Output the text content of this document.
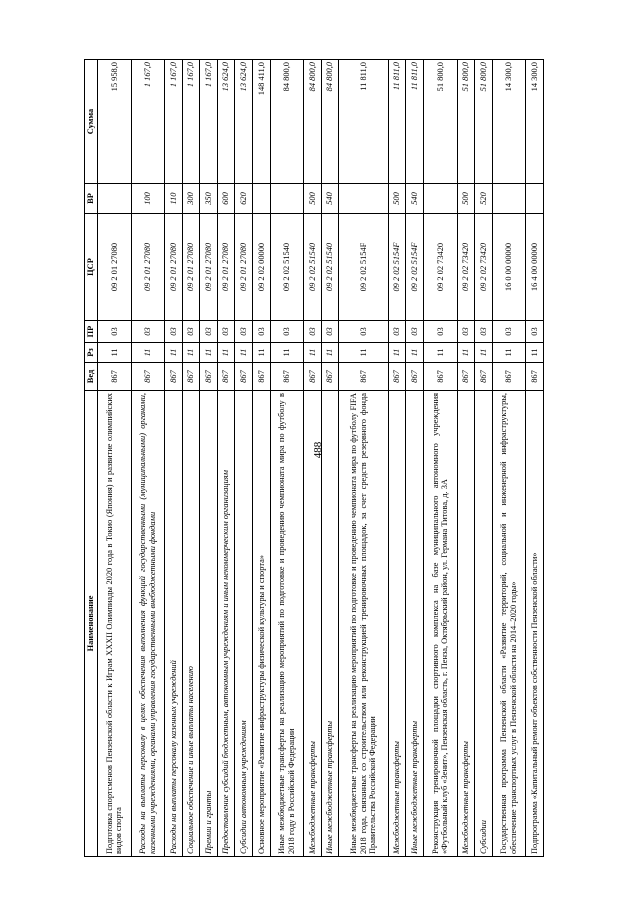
488
Наименование	Вед	Рз	ПР	ЦСР	ВР	Сумма
Подготовка спортсменов Пензенской области к Играм XXXII Олимпиады 2020 года в Токио (Япония) и развитие олимпийских видов спорта	867	11	03	09 2 01 27080		15 958,0
Расходы на выплаты персоналу в целях обеспечения выполнения функций государственными (муниципальными) органами, казенными учреждениями, органами управления государственными внебюджетными фондами	867	11	03	09 2 01 27080	100	1 167,0
Расходы на выплаты персоналу казенных учреждений	867	11	03	09 2 01 27080	110	1 167,0
Социальное обеспечение и иные выплаты населению	867	11	03	09 2 01 27080	300	1 167,0
Премии и гранты	867	11	03	09 2 01 27080	350	1 167,0
Предоставление субсидий бюджетным, автономным учреждениям и иным некоммерческим организациям	867	11	03	09 2 01 27080	600	13 624,0
Субсидии автономным учреждениям	867	11	03	09 2 01 27080	620	13 624,0
Основное мероприятие «Развитие инфраструктуры физической культуры и спорта»	867	11	03	09 2 02 00000		148 411,0
Иные межбюджетные трансферты на реализацию мероприятий по подготовке и проведению чемпионата мира по футболу в 2018 году в Российской Федерации	867	11	03	09 2 02 51540		84 800,0
Межбюджетные трансферты	867	11	03	09 2 02 51540	500	84 800,0
Иные межбюджетные трансферты	867	11	03	09 2 02 51540	540	84 800,0
Иные межбюджетные трансферты на реализацию мероприятий по подготовке и проведению чемпионата мира по футболу FIFA 2018 года, связанных со строительством или реконструкцией тренировочных площадок, за счет средств резервного фонда Правительства Российской Федерации	867	11	03	09 2 02 5154F		11 811,0
Межбюджетные трансферты	867	11	03	09 2 02 5154F	500	11 811,0
Иные межбюджетные трансферты	867	11	03	09 2 02 5154F	540	11 811,0
Реконструкция тренировочной площадки спортивного комплекса на базе муниципального автономного учреждения «Футбольный клуб «Зенит», Пензенская область, г. Пенза, Октябрьский район, ул. Германа Титова, д. 3А	867	11	03	09 2 02 73420		51 800,0
Межбюджетные трансферты	867	11	03	09 2 02 73420	500	51 800,0
Субсидии	867	11	03	09 2 02 73420	520	51 800,0
Государственная программа Пензенской области «Развитие территорий, социальной и инженерной инфраструктуры, обеспечение транспортных услуг в Пензенской области на 2014–2020 годы»	867	11	03	16 0 00 00000		14 300,0
Подпрограмма «Капитальный ремонт объектов собственности Пензенской области»	867	11	03	16 4 00 00000		14 300,0
